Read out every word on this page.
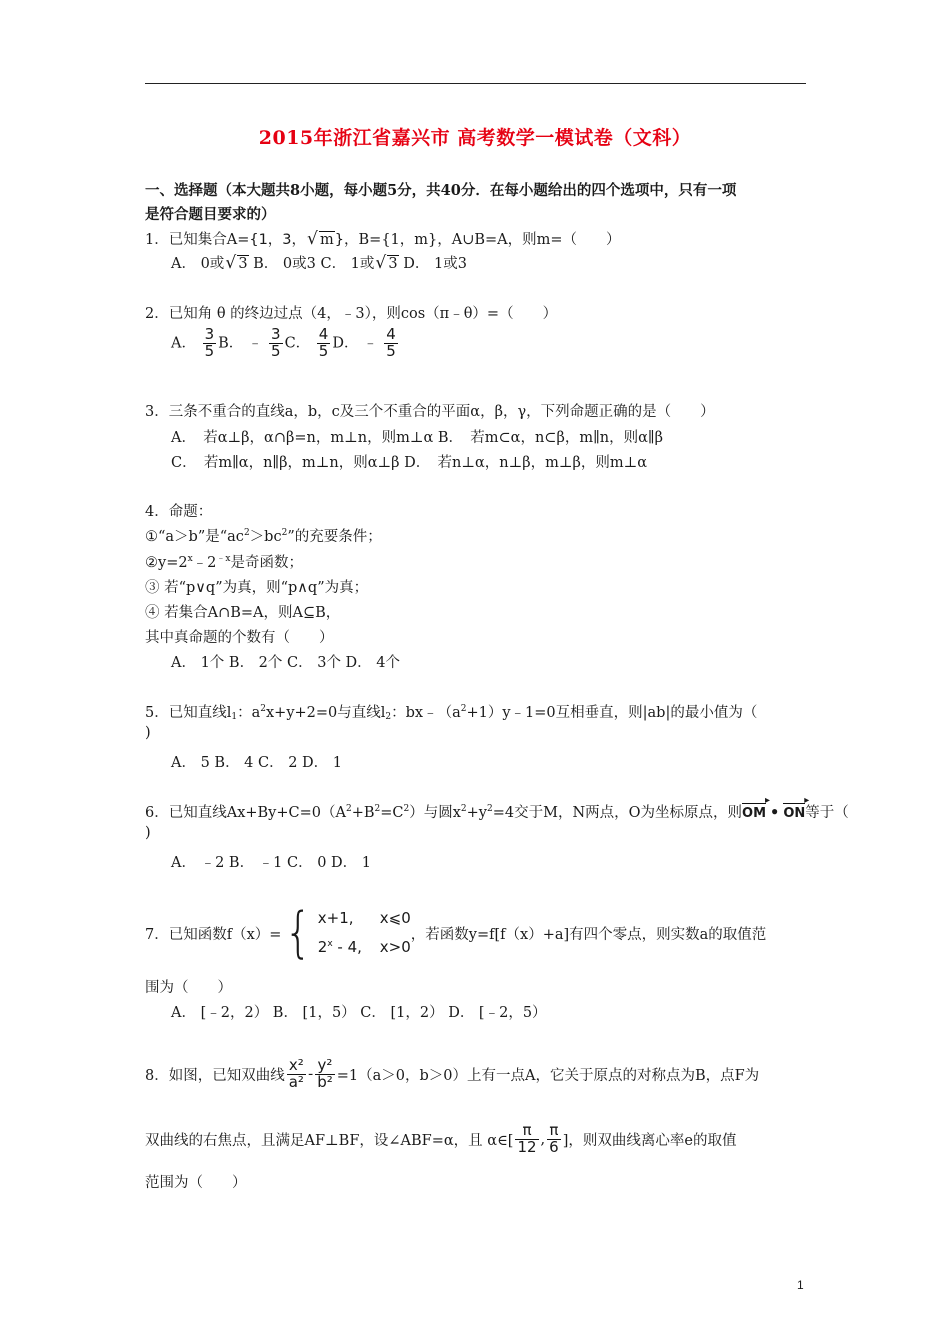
2015年浙江省嘉兴市 高考数学一模试卷（文科）
一、选择题（本大题共8小题，每小题5分，共40分．在每小题给出的四个选项中，只有一项
是符合题目要求的）
1．已知集合A={1，3， √ m}，B={1，m}，A∪B=A，则m=（　　）
A． 0或 √ 3 B． 0或3 C． 1或 √ 3 D． 1或3
2．已知角 θ 的终边过点（4，﹣3），则cos（π﹣θ）=（　　）
A． $\frac{3}{5}$ B． ﹣ $\frac{3}{5}$ C． $\frac{4}{5}$ D． ﹣ $\frac{4}{5}$
3．三条不重合的直线a，b，c及三个不重合的平面α，β，γ，下列命题正确的是（　　）
A．　若α⊥β，α∩β=n，m⊥n，则m⊥α B．　若m⊂α，n⊂β，m∥n，则α∥β
C．　若m∥α，n∥β，m⊥n，则α⊥β D．　若n⊥α，n⊥β，m⊥β，则m⊥α
4．命题：
①“a＞b”是“$ac^2>bc^2$”的充要条件；
$②y=2^x﹣2^{﹣x}$是奇函数；
③ 若“p∨q”为真，则“p∧q”为真；
④ 若集合A∩B=A，则A⊆B，
其中真命题的个数有（　　）
A． 1个 B． 2个 C． 3个 D． 4个
5．已知直线$l_1$：$a^2x+y+2=0$与直线$l_2$：$bx﹣(a^2+1)y﹣1=0$互相垂直，则|ab|的最小值为（
)
A． 5 B． 4 C． 2 D． 1
6．已知直线$Ax+By+C=0(A^2+B^2=C^2)$与圆$x^2+y^2=4$交于M，N两点，O为坐标原点，则OM ▸ • ON ▸等于（
)
A． ﹣2 B． ﹣1 C． 0 D． 1
7．已知函数f（x）= { x+1, x⩽0
2$^x$ - 4, x>0
，若函数y=f[f（x）+a]有四个零点，则实数a的取值范
围为（　　）
A． [﹣2，2） B． [1，5） C． [1，2） D． [﹣2，5）
8．如图，已知双曲线 $\frac{\text{x²}}{\text{a²}} - \frac{\text{y²}}{\text{b²}} =1(a>0$，b＞0）上有一点A，它关于原点的对称点为B，点F为
双曲线的右焦点，且满足AF⊥BF，设∠ABF=α，且 α∈[ $\frac{\pi}{12}$ , $\frac{\pi}{6}$ ]，则双曲线离心率e的取值
范围为（　　）
1
